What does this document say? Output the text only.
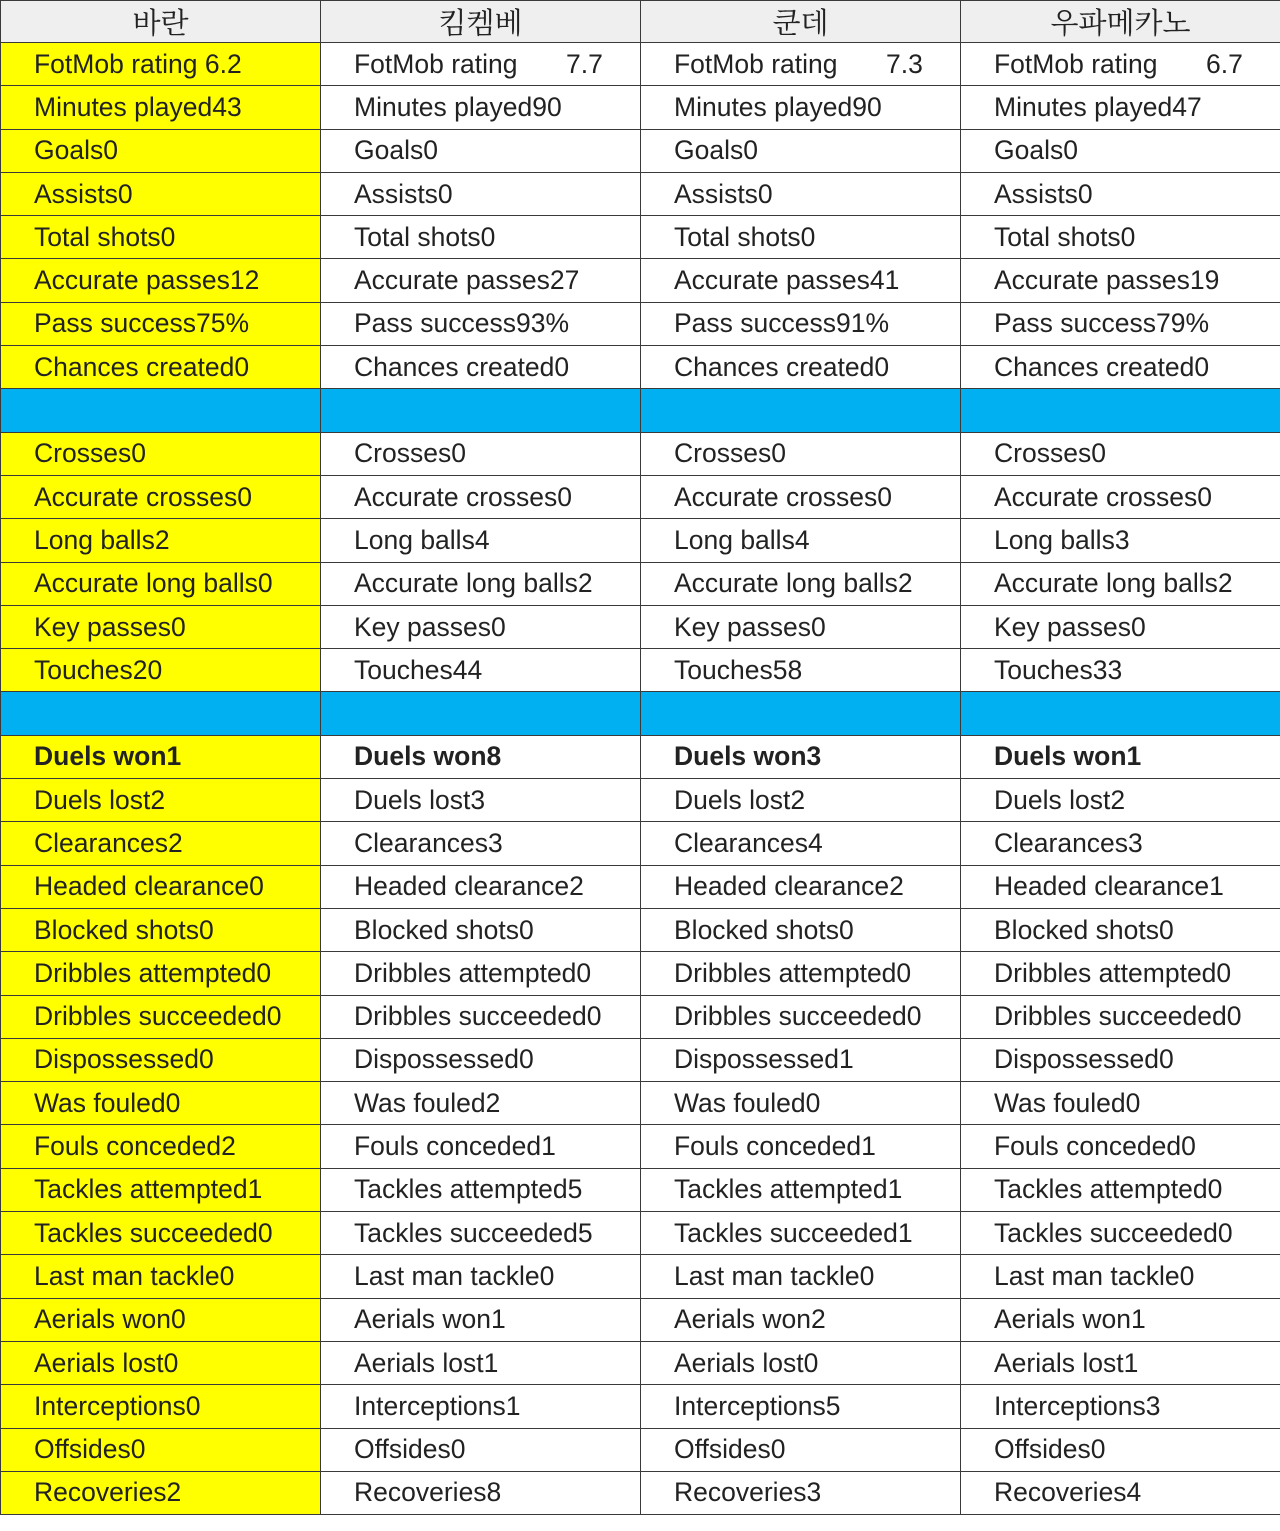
바란	킴켐베	쿤데	우파메카노
FotMob rating 6.2	FotMob rating 7.7	FotMob rating 7.3	FotMob rating 6.7
Minutes played43	Minutes played90	Minutes played90	Minutes played47
Goals0	Goals0	Goals0	Goals0
Assists0	Assists0	Assists0	Assists0
Total shots0	Total shots0	Total shots0	Total shots0
Accurate passes12	Accurate passes27	Accurate passes41	Accurate passes19
Pass success75%	Pass success93%	Pass success91%	Pass success79%
Chances created0	Chances created0	Chances created0	Chances created0

Crosses0	Crosses0	Crosses0	Crosses0
Accurate crosses0	Accurate crosses0	Accurate crosses0	Accurate crosses0
Long balls2	Long balls4	Long balls4	Long balls3
Accurate long balls0	Accurate long balls2	Accurate long balls2	Accurate long balls2
Key passes0	Key passes0	Key passes0	Key passes0
Touches20	Touches44	Touches58	Touches33

Duels won1	Duels won8	Duels won3	Duels won1
Duels lost2	Duels lost3	Duels lost2	Duels lost2
Clearances2	Clearances3	Clearances4	Clearances3
Headed clearance0	Headed clearance2	Headed clearance2	Headed clearance1
Blocked shots0	Blocked shots0	Blocked shots0	Blocked shots0
Dribbles attempted0	Dribbles attempted0	Dribbles attempted0	Dribbles attempted0
Dribbles succeeded0	Dribbles succeeded0	Dribbles succeeded0	Dribbles succeeded0
Dispossessed0	Dispossessed0	Dispossessed1	Dispossessed0
Was fouled0	Was fouled2	Was fouled0	Was fouled0
Fouls conceded2	Fouls conceded1	Fouls conceded1	Fouls conceded0
Tackles attempted1	Tackles attempted5	Tackles attempted1	Tackles attempted0
Tackles succeeded0	Tackles succeeded5	Tackles succeeded1	Tackles succeeded0
Last man tackle0	Last man tackle0	Last man tackle0	Last man tackle0
Aerials won0	Aerials won1	Aerials won2	Aerials won1
Aerials lost0	Aerials lost1	Aerials lost0	Aerials lost1
Interceptions0	Interceptions1	Interceptions5	Interceptions3
Offsides0	Offsides0	Offsides0	Offsides0
Recoveries2	Recoveries8	Recoveries3	Recoveries4
